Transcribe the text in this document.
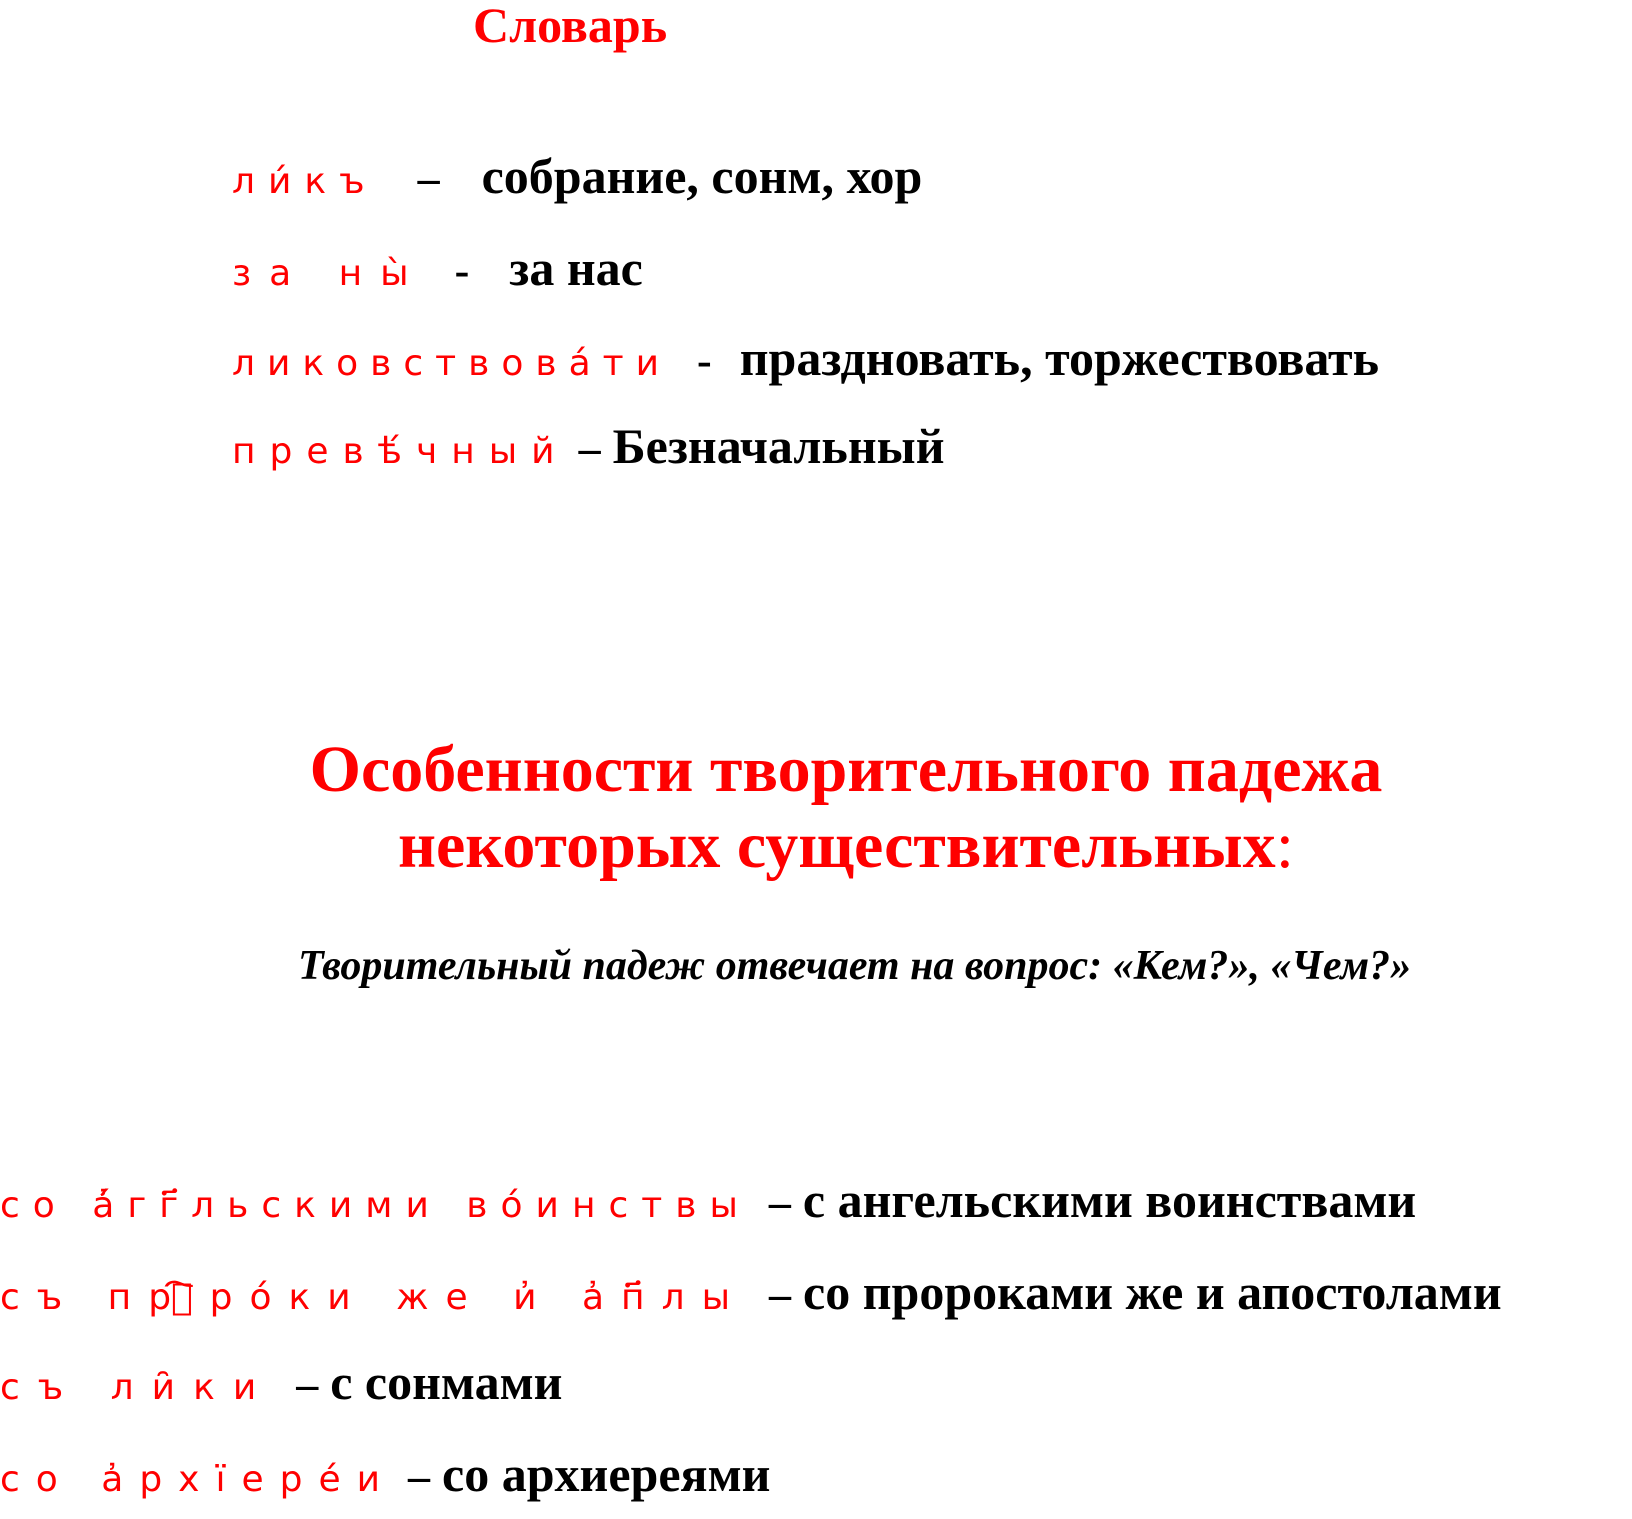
Словарь
ли́къ – собрание, сонм, хор
за ны̀ - за нас
ликовствова́ти - праздновать, торжествовать
превѣ́чный – Безначальный
Особенности творительного падежа
некоторых существительных:
Творительный падеж отвечает на вопрос: «Кем?», «Чем?»
со а҆́гг҃льскими во́инствы – с ангельскими воинствами
съ прⷪ҇ро́ки же и҆ а҆п҃лы – со пророками же и апостолами
съ ли̑ки – с сонмами
со а҆рхїере́и – со архиереями
